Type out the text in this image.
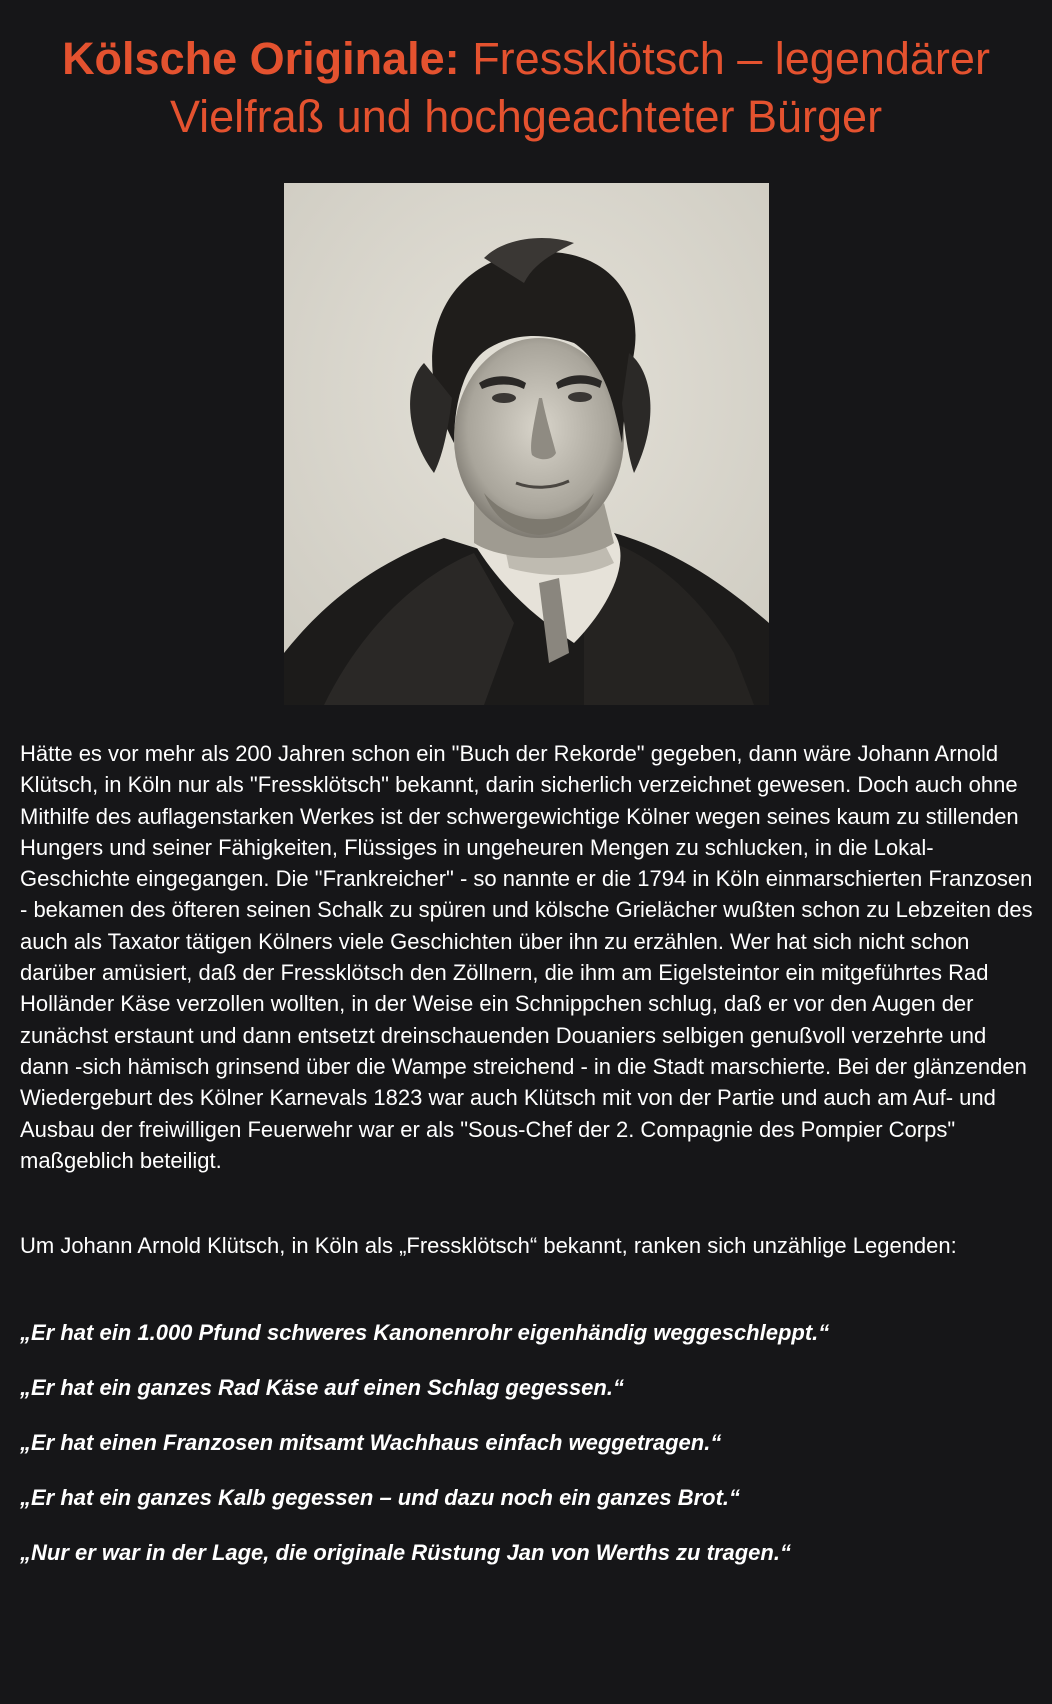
Kölsche Originale: Fressklötsch – legendärer Vielfraß und hochgeachteter Bürger

Hätte es vor mehr als 200 Jahren schon ein "Buch der Rekorde" gegeben, dann wäre Johann Arnold Klütsch, in Köln nur als "Fressklötsch" bekannt, darin sicherlich verzeichnet gewesen. Doch auch ohne Mithilfe des auflagenstarken Werkes ist der schwergewichtige Kölner wegen seines kaum zu stillenden Hungers und seiner Fähigkeiten, Flüssiges in ungeheuren Mengen zu schlucken, in die Lokal-Geschichte eingegangen. Die "Frankreicher" - so nannte er die 1794 in Köln einmarschierten Franzosen - bekamen des öfteren seinen Schalk zu spüren und kölsche Grielächer wußten schon zu Lebzeiten des auch als Taxator tätigen Kölners viele Geschichten über ihn zu erzählen. Wer hat sich nicht schon darüber amüsiert, daß der Fressklötsch den Zöllnern, die ihm am Eigelsteintor ein mitgeführtes Rad Holländer Käse verzollen wollten, in der Weise ein Schnippchen schlug, daß er vor den Augen der zunächst erstaunt und dann entsetzt dreinschauenden Douaniers selbigen genußvoll verzehrte und dann -sich hämisch grinsend über die Wampe streichend - in die Stadt marschierte. Bei der glänzenden Wiedergeburt des Kölner Karnevals 1823 war auch Klütsch mit von der Partie und auch am Auf- und Ausbau der freiwilligen Feuerwehr war er als "Sous-Chef der 2. Compagnie des Pompier Corps" maßgeblich beteiligt.

Um Johann Arnold Klütsch, in Köln als „Fressklötsch“ bekannt, ranken sich unzählige Legenden:

„Er hat ein 1.000 Pfund schweres Kanonenrohr eigenhändig weggeschleppt.“

„Er hat ein ganzes Rad Käse auf einen Schlag gegessen.“

„Er hat einen Franzosen mitsamt Wachhaus einfach weggetragen.“

„Er hat ein ganzes Kalb gegessen – und dazu noch ein ganzes Brot.“

„Nur er war in der Lage, die originale Rüstung Jan von Werths zu tragen.“
